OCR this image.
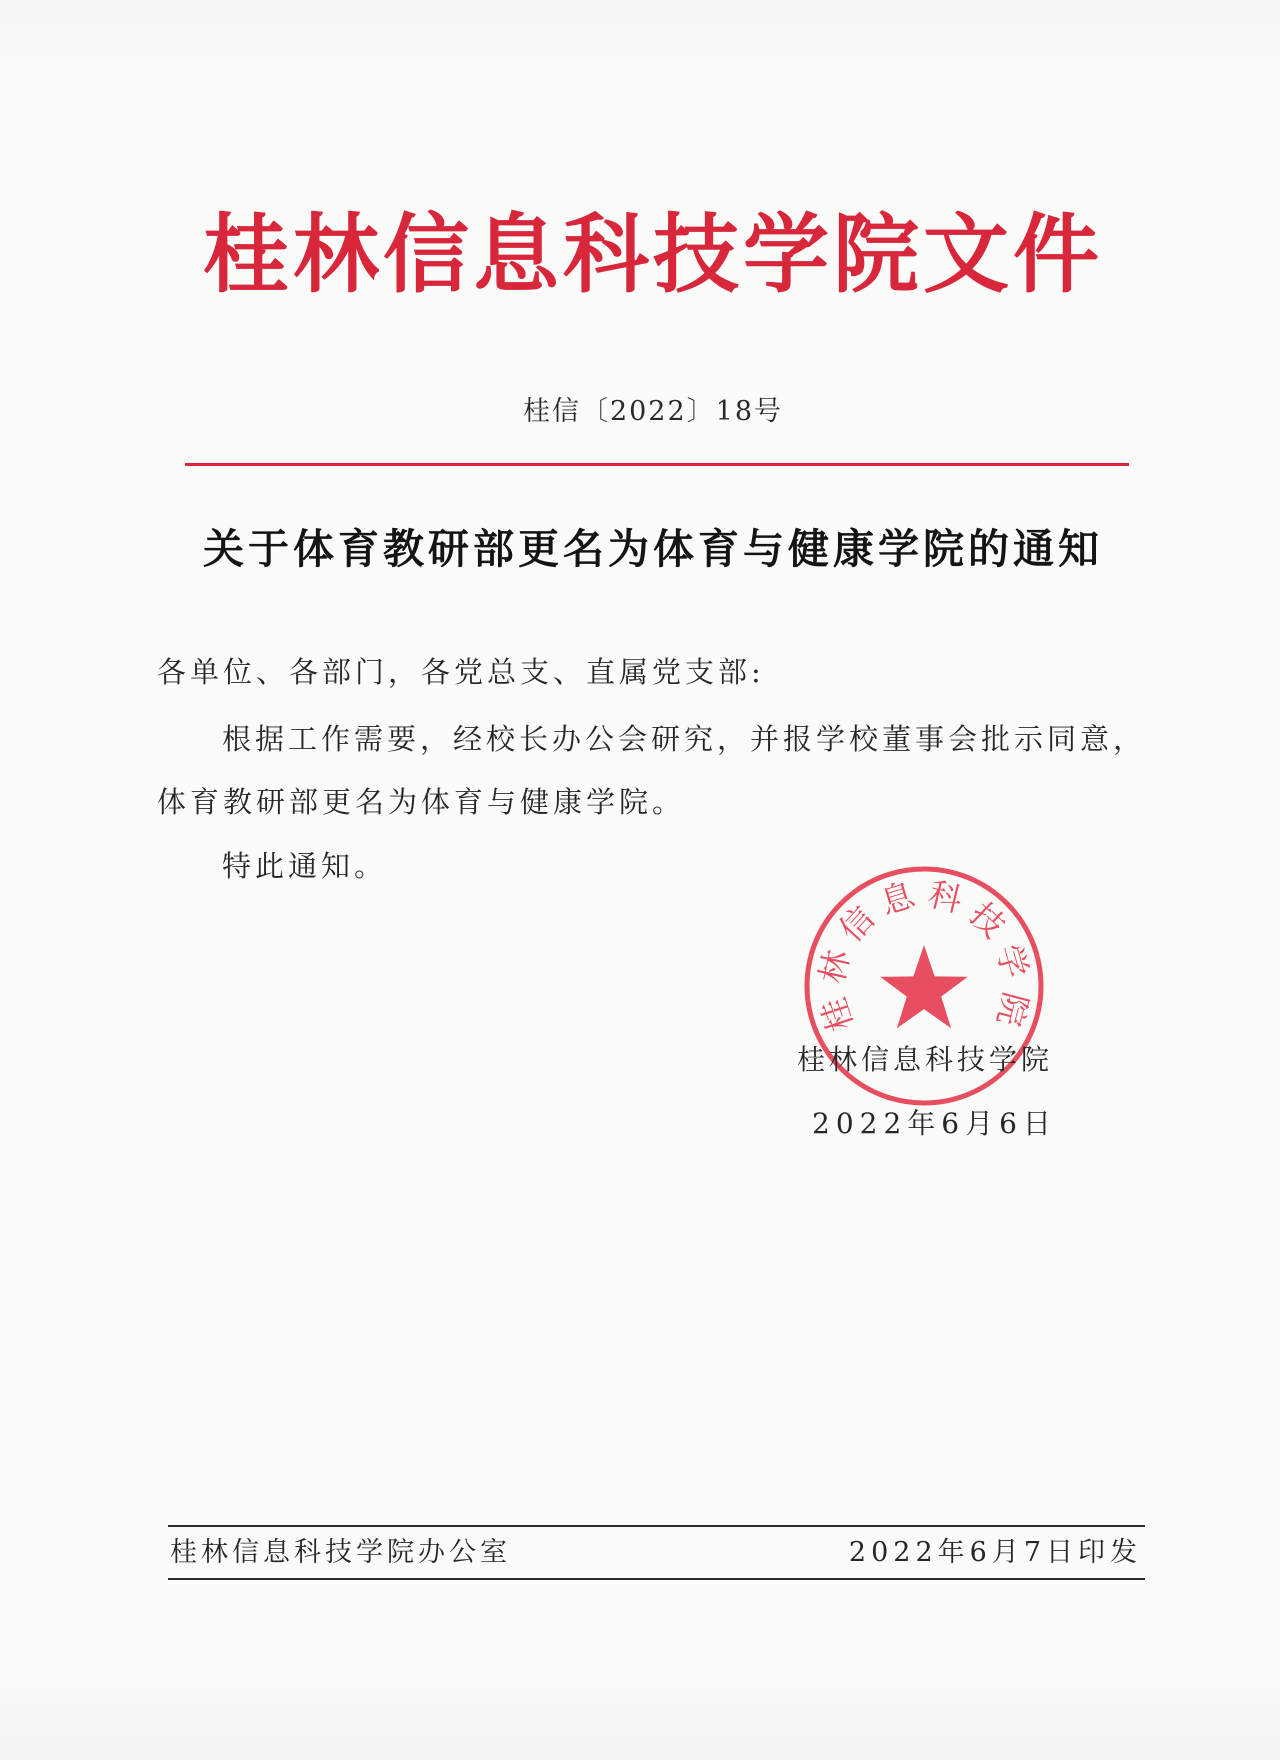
桂林信息科技学院文件
桂信〔2022〕18号
关于体育教研部更名为体育与健康学院的通知
各单位、各部门，各党总支、直属党支部:
根据工作需要，经校长办公会研究，并报学校董事会批示同意，
体育教研部更名为体育与健康学院。
特此通知。
桂林信息科技学院
桂林信息科技学院
2022年6月6日
桂林信息科技学院办公室	2022年6月7日印发
